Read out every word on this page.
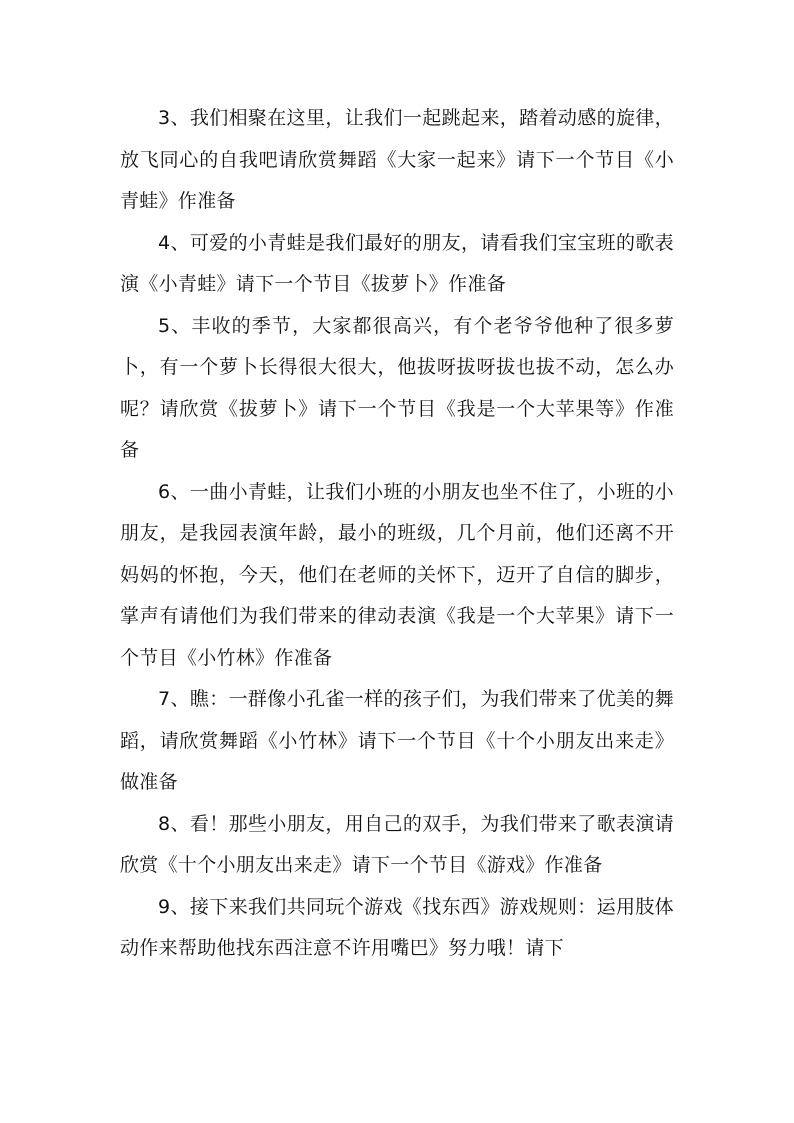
3、我们相聚在这里，让我们一起跳起来，踏着动感的旋律，放飞同心的自我吧请欣赏舞蹈《大家一起来》请下一个节目《小青蛙》作准备

4、可爱的小青蛙是我们最好的朋友，请看我们宝宝班的歌表演《小青蛙》请下一个节目《拔萝卜》作准备

5、丰收的季节，大家都很高兴，有个老爷爷他种了很多萝卜，有一个萝卜长得很大很大，他拔呀拔呀拔也拔不动，怎么办呢？请欣赏《拔萝卜》请下一个节目《我是一个大苹果等》作准备

6、一曲小青蛙，让我们小班的小朋友也坐不住了，小班的小朋友，是我园表演年龄，最小的班级，几个月前，他们还离不开妈妈的怀抱，今天，他们在老师的关怀下，迈开了自信的脚步，掌声有请他们为我们带来的律动表演《我是一个大苹果》请下一个节目《小竹林》作准备

7、瞧：一群像小孔雀一样的孩子们，为我们带来了优美的舞蹈，请欣赏舞蹈《小竹林》请下一个节目《十个小朋友出来走》做准备

8、看！那些小朋友，用自己的双手，为我们带来了歌表演请欣赏《十个小朋友出来走》请下一个节目《游戏》作准备

9、接下来我们共同玩个游戏《找东西》游戏规则：运用肢体动作来帮助他找东西注意不许用嘴巴》努力哦！请下
